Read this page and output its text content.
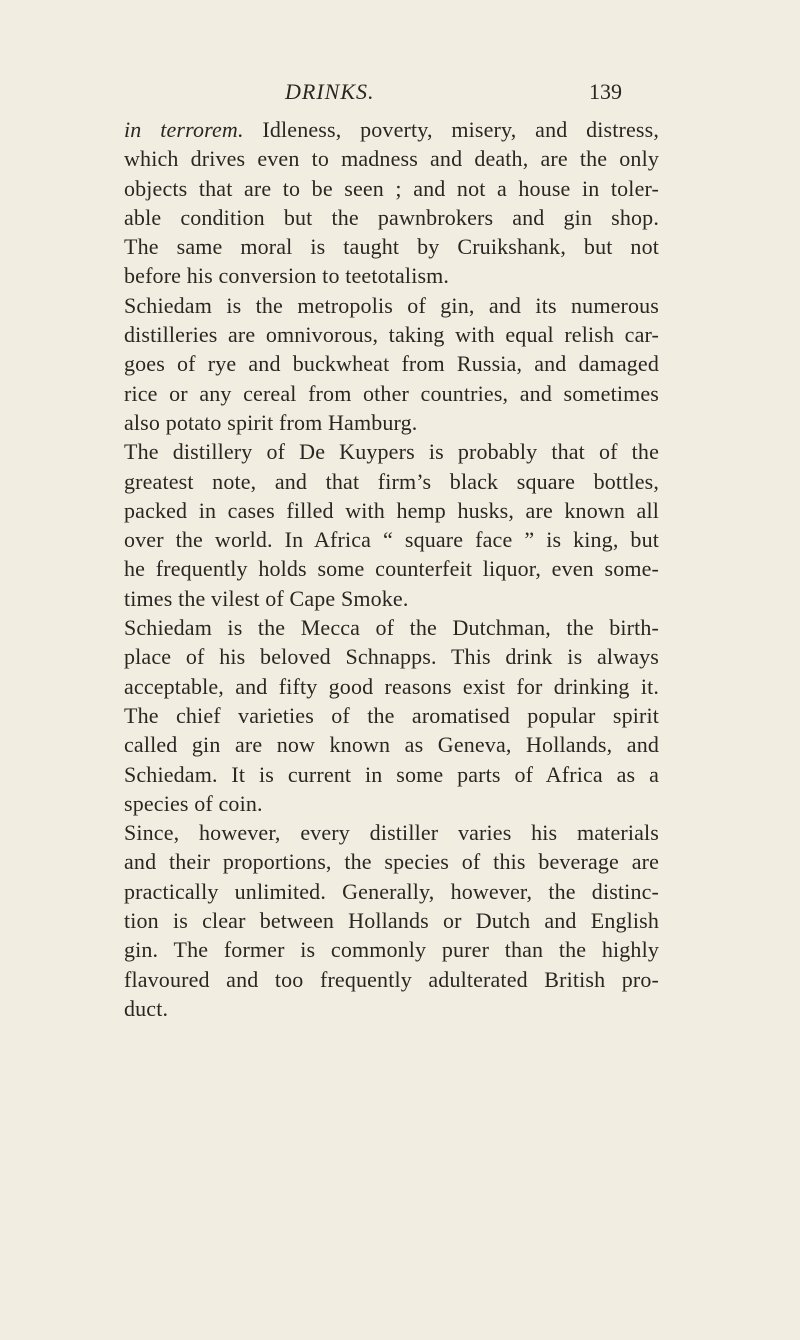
DRINKS.	139
in terrorem. Idleness, poverty, misery, and distress,
which drives even to madness and death, are the only
objects that are to be seen ; and not a house in toler-
able condition but the pawnbrokers and gin shop.
The same moral is taught by Cruikshank, but not
before his conversion to teetotalism.
Schiedam is the metropolis of gin, and its numerous
distilleries are omnivorous, taking with equal relish car-
goes of rye and buckwheat from Russia, and damaged
rice or any cereal from other countries, and sometimes
also potato spirit from Hamburg.
The distillery of De Kuypers is probably that of the
greatest note, and that firm’s black square bottles,
packed in cases filled with hemp husks, are known all
over the world. In Africa “ square face ” is king, but
he frequently holds some counterfeit liquor, even some-
times the vilest of Cape Smoke.
Schiedam is the Mecca of the Dutchman, the birth-
place of his beloved Schnapps. This drink is always
acceptable, and fifty good reasons exist for drinking it.
The chief varieties of the aromatised popular spirit
called gin are now known as Geneva, Hollands, and
Schiedam. It is current in some parts of Africa as a
species of coin.
Since, however, every distiller varies his materials
and their proportions, the species of this beverage are
practically unlimited. Generally, however, the distinc-
tion is clear between Hollands or Dutch and English
gin. The former is commonly purer than the highly
flavoured and too frequently adulterated British pro-
duct.
